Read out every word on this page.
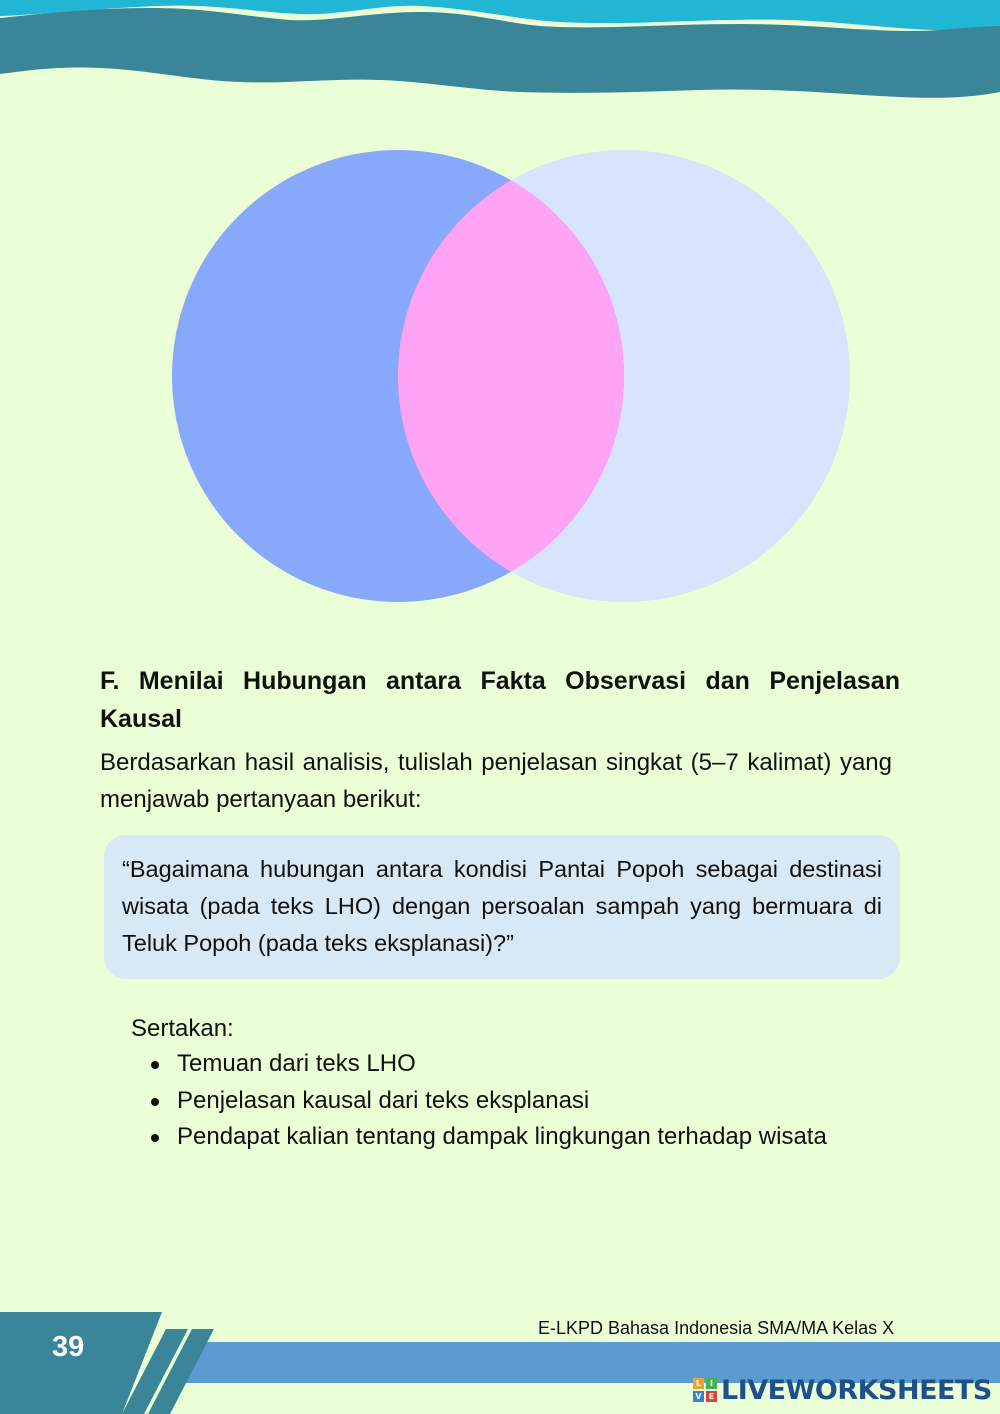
F. Menilai Hubungan antara Fakta Observasi dan Penjelasan Kausal

Berdasarkan hasil analisis, tulislah penjelasan singkat (5–7 kalimat) yang menjawab pertanyaan berikut:

“Bagaimana hubungan antara kondisi Pantai Popoh sebagai destinasi wisata (pada teks LHO) dengan persoalan sampah yang bermuara di Teluk Popoh (pada teks eksplanasi)?”

Sertakan:
Temuan dari teks LHO
Penjelasan kausal dari teks eksplanasi
Pendapat kalian tentang dampak lingkungan terhadap wisata
39
E-LKPD Bahasa Indonesia SMA/MA Kelas X
L	I
V E LIVEWORKSHEETS
